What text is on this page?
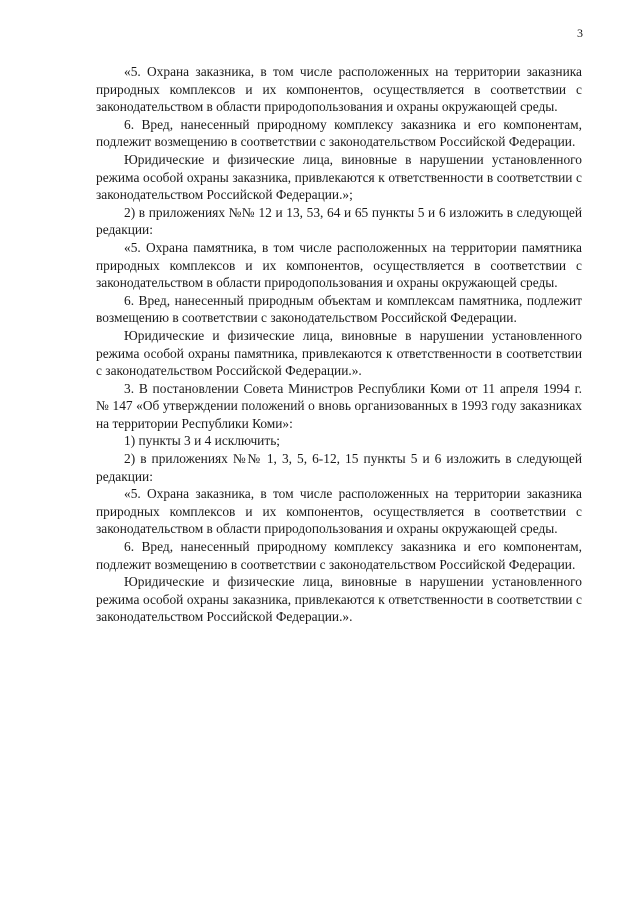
3

«5. Охрана заказника, в том числе расположенных на территории заказника природных комплексов и их компонентов, осуществляется в соответствии с законодательством в области природопользования и охраны окружающей среды.

6. Вред, нанесенный природному комплексу заказника и его компонентам, подлежит возмещению в соответствии с законодательством Российской Федерации.

Юридические и физические лица, виновные в нарушении установленного режима особой охраны заказника, привлекаются к ответственности в соответствии с законодательством Российской Федерации.»;

2) в приложениях №№ 12 и 13, 53, 64 и 65 пункты 5 и 6 изложить в следующей редакции:

«5. Охрана памятника, в том числе расположенных на территории памятника природных комплексов и их компонентов, осуществляется в соответствии с законодательством в области природопользования и охраны окружающей среды.

6. Вред, нанесенный природным объектам и комплексам памятника, подлежит возмещению в соответствии с законодательством Российской Федерации.

Юридические и физические лица, виновные в нарушении установленного режима особой охраны памятника, привлекаются к ответственности в соответствии с законодательством Российской Федерации.».

3. В постановлении Совета Министров Республики Коми от 11 апреля 1994 г. № 147 «Об утверждении положений о вновь организованных в 1993 году заказниках на территории Республики Коми»:

1) пункты 3 и 4 исключить;

2) в приложениях №№ 1, 3, 5, 6-12, 15 пункты 5 и 6 изложить в следующей редакции:

«5. Охрана заказника, в том числе расположенных на территории заказника природных комплексов и их компонентов, осуществляется в соответствии с законодательством в области природопользования и охраны окружающей среды.

6. Вред, нанесенный природному комплексу заказника и его компонентам, подлежит возмещению в соответствии с законодательством Российской Федерации.

Юридические и физические лица, виновные в нарушении установленного режима особой охраны заказника, привлекаются к ответственности в соответствии с законодательством Российской Федерации.».
